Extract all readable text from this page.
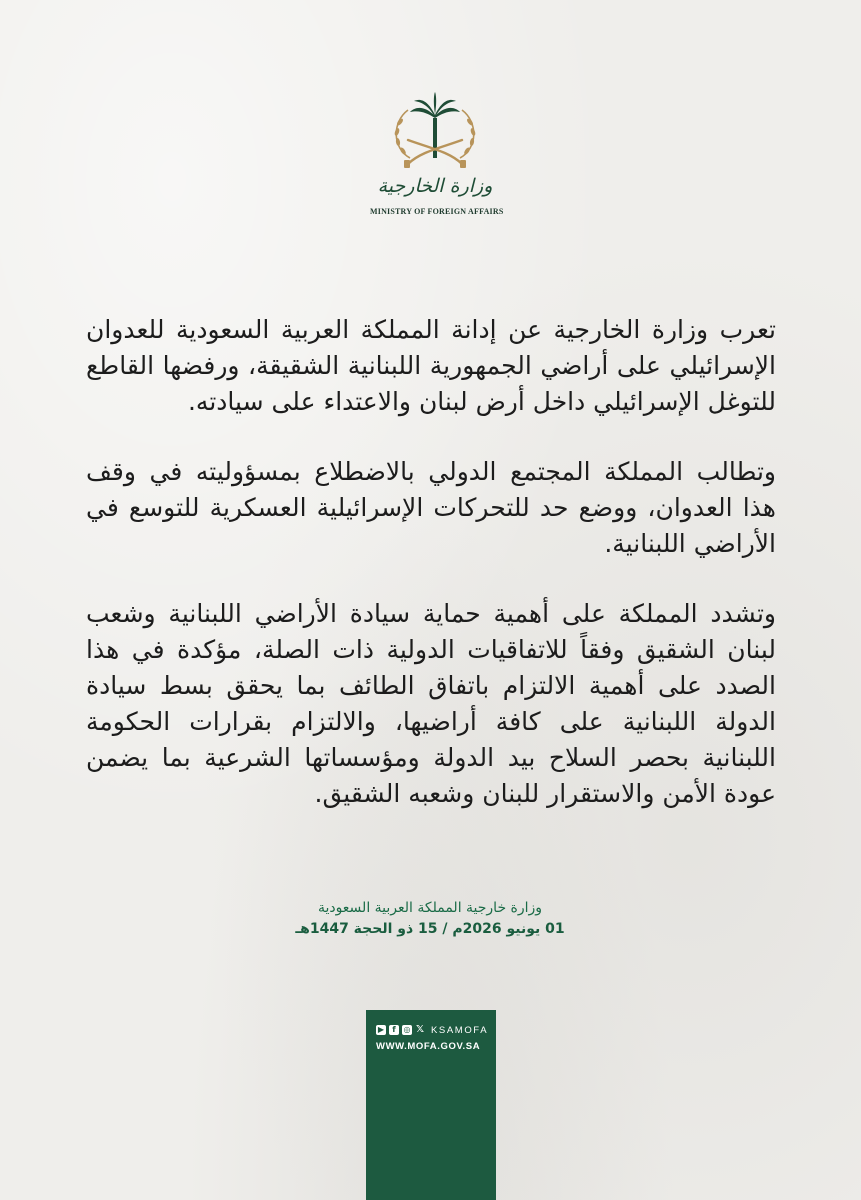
وزارة الخارجية
MINISTRY OF FOREIGN AFFAIRS

تعرب وزارة الخارجية عن إدانة المملكة العربية السعودية للعدوان الإسرائيلي على أراضي الجمهورية اللبنانية الشقيقة، ورفضها القاطع للتوغل الإسرائيلي داخل أرض لبنان والاعتداء على سيادته.

وتطالب المملكة المجتمع الدولي بالاضطلاع بمسؤوليته في وقف هذا العدوان، ووضع حد للتحركات الإسرائيلية العسكرية للتوسع في الأراضي اللبنانية.

وتشدد المملكة على أهمية حماية سيادة الأراضي اللبنانية وشعب لبنان الشقيق وفقاً للاتفاقيات الدولية ذات الصلة، مؤكدة في هذا الصدد على أهمية الالتزام باتفاق الطائف بما يحقق بسط سيادة الدولة اللبنانية على كافة أراضيها، والالتزام بقرارات الحكومة اللبنانية بحصر السلاح بيد الدولة ومؤسساتها الشرعية بما يضمن عودة الأمن والاستقرار للبنان وشعبه الشقيق.

وزارة خارجية المملكة العربية السعودية
01 يونيو 2026م / 15 ذو الحجة 1447هـ
▶	f ◎ 𝕏 KSAMOFA
WWW.MOFA.GOV.SA
